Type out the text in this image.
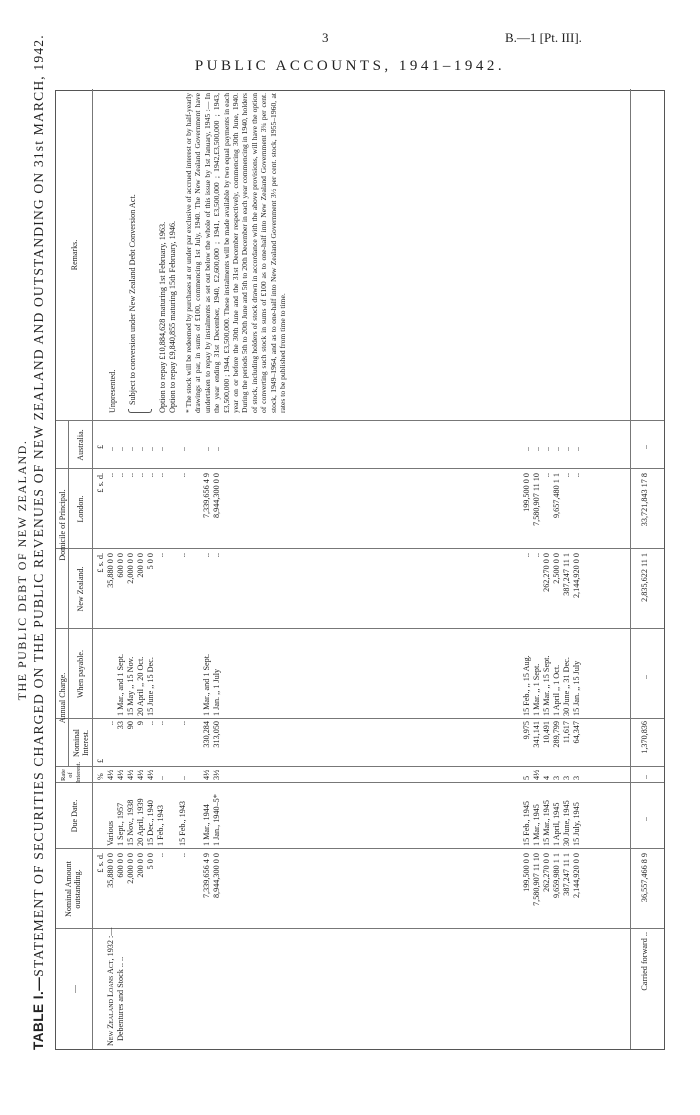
3	B.—1 [Pt. III].
PUBLIC ACCOUNTS, 1941–1942.
THE PUBLIC DEBT OF NEW ZEALAND.
TABLE I.—STATEMENT OF SECURITIES CHARGED ON THE PUBLIC REVENUES OF NEW ZEALAND AND OUTSTANDING ON 31st MARCH, 1942.
—
Nominal Amount outstanding.
Due Date.
Rate of Interest.
Annual Charge.
Nominal Interest.
When payable.
Domicile of Principal.
New Zealand.
London.
Australia.
Remarks.
£ s. d.
%
£
£ s. d.
£ s. d.
£
New Zealand Loans Act, 1932 :— Debentures and Stock .. ..
35,880 0 0
Various
4½
..
35,880 0 0
..
..
600 0 0
1 Sept., 1957
4½
33
1 Mar., and 1 Sept.
600 0 0
..
..
2,000 0 0
15 Nov., 1938
4½
90
15 May ,, 15 Nov.
2,000 0 0
..
..
200 0 0
20 April, 1939
4½
9
20 April ,, 20 Oct.
200 0 0
..
..
5 0 0
15 Dec., 1940
4½
..
15 June ,, 15 Dec.
5 0 0
..
..
..
1 Feb., 1943
..
..
..
..
..
..
15 Feb., 1943
..
..
..
..
..
7,339,656 4 9
1 Mar., 1944
4½
330,284
1 Mar., and 1 Sept.
..
7,339,656 4 9
..
8,944,300 0 0
1 Jan., 1940–5*
3½
313,050
1 Jan. ,, 1 July
..
8,944,300 0 0
..
199,500 0 0
15 Feb., 1945
5
9,975
15 Feb., ,, 15 Aug.
..
199,500 0 0
..
7,580,907 11 10
1 Mar., 1945
4½
341,141
1 Mar. ,, 1 Sept.
..
7,580,907 11 10
..
262,270 0 0
15 Mar., 1945
4
10,491
15 Mar. ,, 15 Sept.
262,270 0 0
..
..
9,659,980 1 1
1 April, 1945
3
289,799
1 April ,, 1 Oct.
2,500 0 0
9,657,480 1 1
..
387,247 11 1
30 June, 1945
3
11,617
30 June ,, 31 Dec.
387,247 11 1
..
..
2,144,920 0 0
15 July, 1945
3
64,347
15 Jan. ,, 15 July
2,144,920 0 0
..
..
Carried forward ..
36,557,466 8 9
..
..
1,370,836
..
2,835,622 11 1
33,721,843 17 8
..
Unpresented. Subject to conversion under New Zealand Debt Conversion Act.	Option to repay £10,884,628 maturing 1st February, 1963. Option to repay £9,840,855 maturing 15th February, 1946. * The stock will be redeemed by purchases at or under par exclusive of accrued interest or by half-yearly drawings at par, in sums of £100, commencing 1st July, 1940. The New Zealand Government have undertaken to repay by instalments as set out below the whole of this issue by 1st January, 1945 :— In the year ending 31st December, 1940, £2,600,000 ; 1941, £3,500,000 ; 1942,£3,500,000 ; 1943,£3,500,000 ; 1944, £3,500,000. These instalments will be made available by two equal payments in each year on or before the 30th June and the 31st December respectively, commencing 30th June, 1940. During the periods 5th to 20th June and 5th to 20th December in each year commencing in 1940, holders of stock, including holders of stock drawn in accordance with the above provisions, will have the option of converting such stock in sums of £100 as to one-half into New Zealand Government 3¾ per cent. stock, 1949–1964, and as to one-half into New Zealand Government 3½ per cent. stock, 1955–1960, at rates to be published from time to time.
